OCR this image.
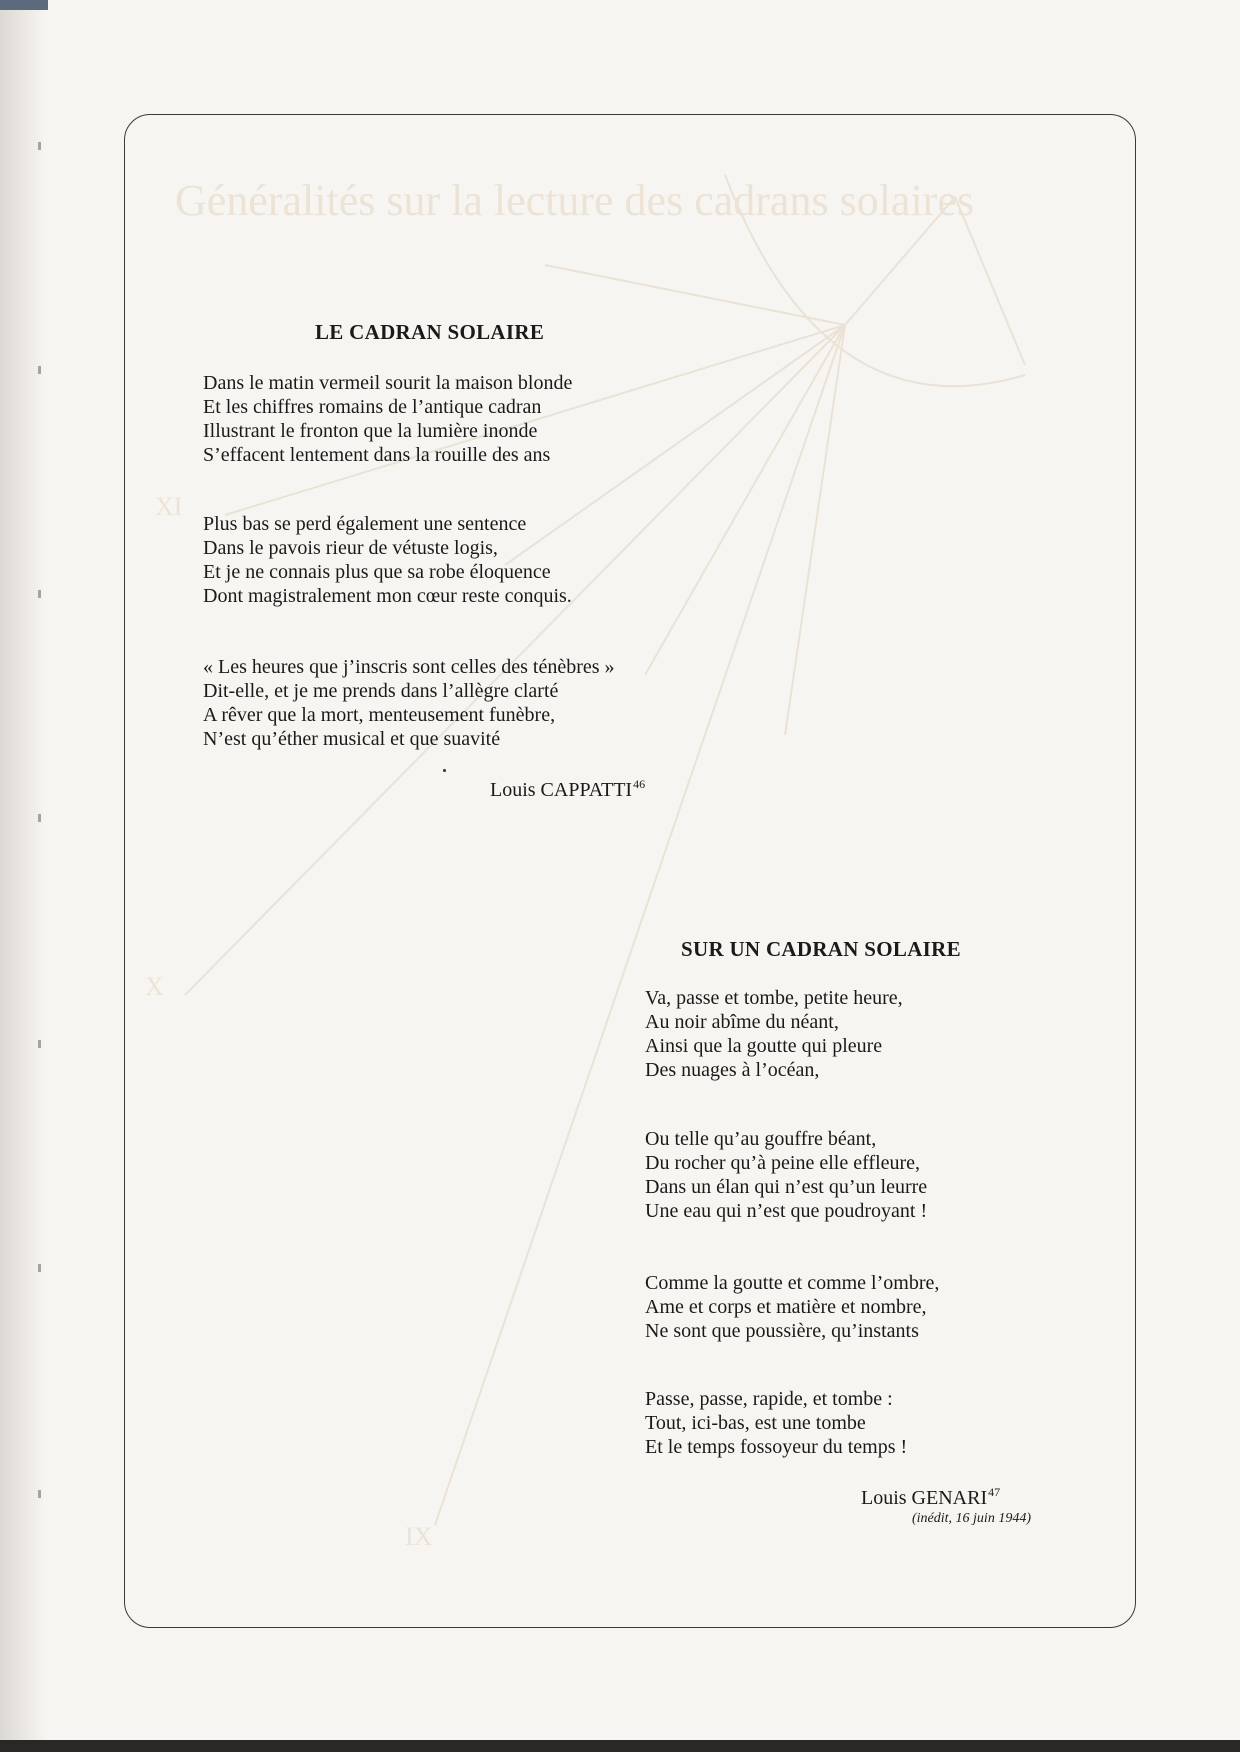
Généralités sur la lecture des cadrans solaires
XI
X
IX
LE CADRAN SOLAIRE
Dans le matin vermeil sourit la maison blonde
Et les chiffres romains de l’antique cadran
Illustrant le fronton que la lumière inonde
S’effacent lentement dans la rouille des ans
Plus bas se perd également une sentence
Dans le pavois rieur de vétuste logis,
Et je ne connais plus que sa robe éloquence
Dont magistralement mon cœur reste conquis.
« Les heures que j’inscris sont celles des ténèbres »
Dit-elle, et je me prends dans l’allègre clarté
A rêver que la mort, menteusement funèbre,
N’est qu’éther musical et que suavité
Louis CAPPATTI$^{46}$
SUR UN CADRAN SOLAIRE
Va, passe et tombe, petite heure,
Au noir abîme du néant,
Ainsi que la goutte qui pleure
Des nuages à l’océan,
Ou telle qu’au gouffre béant,
Du rocher qu’à peine elle effleure,
Dans un élan qui n’est qu’un leurre
Une eau qui n’est que poudroyant !
Comme la goutte et comme l’ombre,
Ame et corps et matière et nombre,
Ne sont que poussière, qu’instants
Passe, passe, rapide, et tombe :
Tout, ici-bas, est une tombe
Et le temps fossoyeur du temps !
Louis GENARI$^{47}$
(inédit, 16 juin 1944)
